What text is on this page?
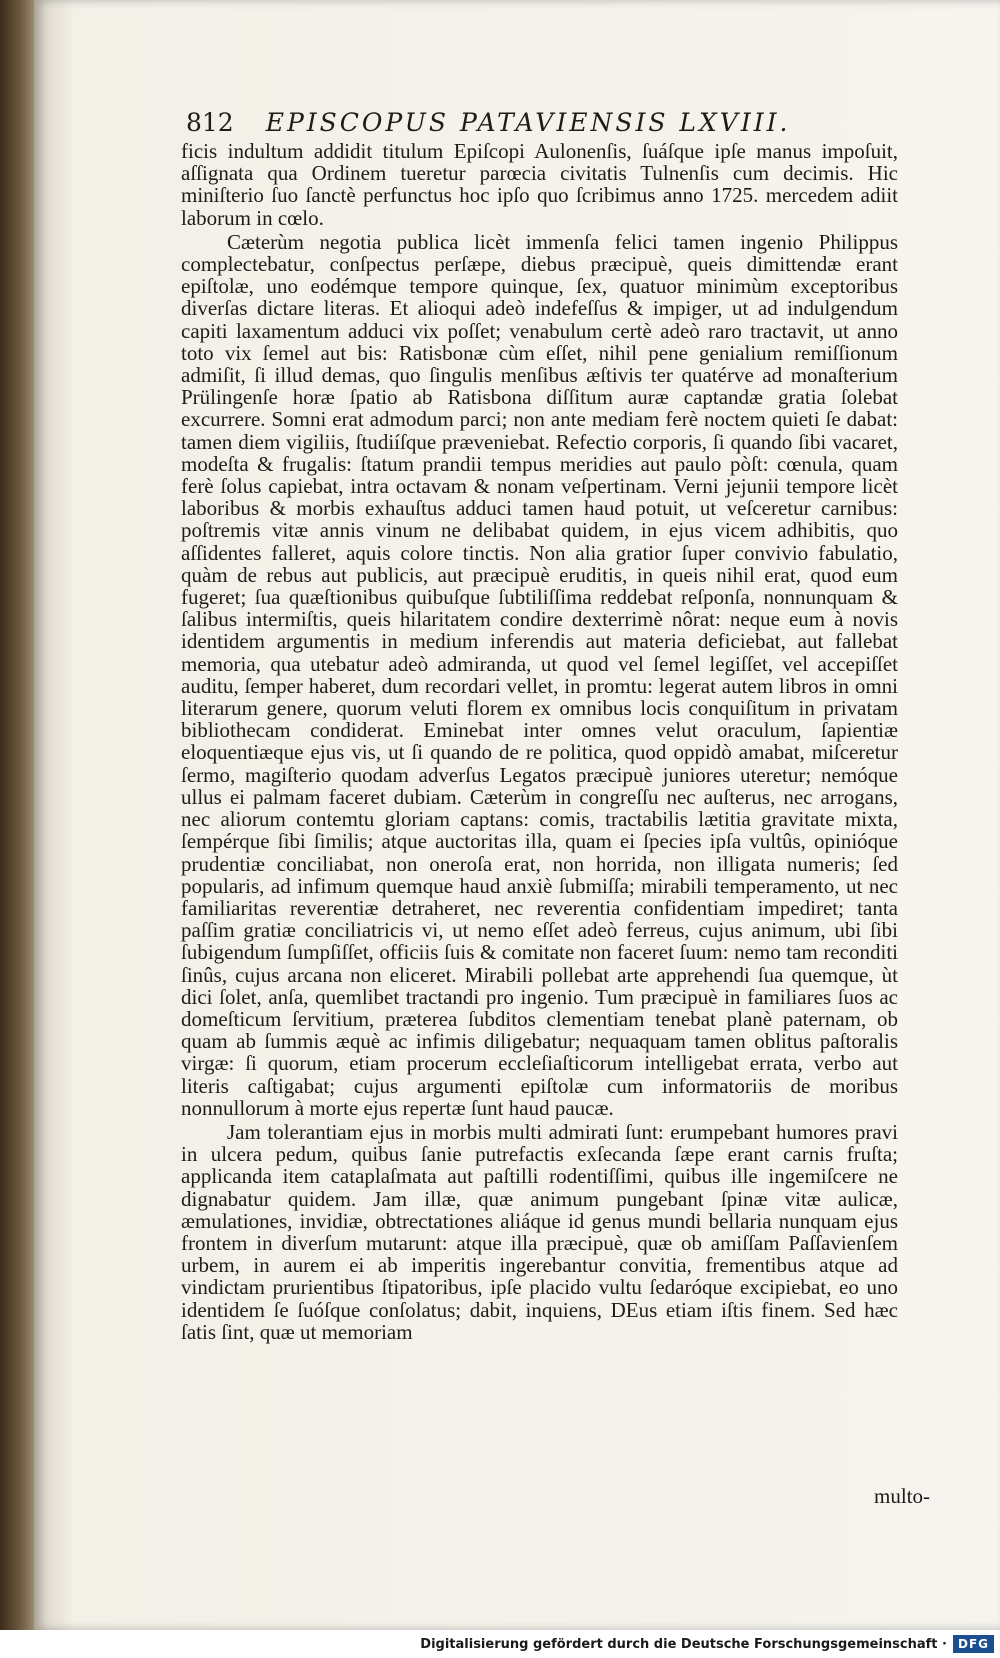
812 EPISCOPUS PATAVIENSIS LXVIII.

ficis indultum addidit titulum Epiſcopi Aulonenſis, ſuáſque ipſe manus impoſuit, aſſignata qua Ordinem tueretur parœcia civitatis Tulnenſis cum decimis. Hic miniſterio ſuo ſanctè perfunctus hoc ipſo quo ſcribimus anno 1725. mercedem adiit laborum in cœlo.

Cæterùm negotia publica licèt immenſa felici tamen ingenio Philippus complectebatur, conſpectus perſæpe, diebus præcipuè, queis dimittendæ erant epiſtolæ, uno eodémque tempore quinque, ſex, quatuor minimùm exceptoribus diverſas dictare literas. Et alioqui adeò indefeſſus & impiger, ut ad indulgendum capiti laxamentum adduci vix poſſet; venabulum certè adeò raro tractavit, ut anno toto vix ſemel aut bis: Ratisbonæ cùm eſſet, nihil pene genialium remiſſionum admiſit, ſi illud demas, quo ſingulis menſibus æſtivis ter quatérve ad monaſterium Prülingenſe horæ ſpatio ab Ratisbona diſſitum auræ captandæ gratia ſolebat excurrere. Somni erat admodum parci; non ante mediam ferè noctem quieti ſe dabat: tamen diem vigiliis, ſtudiíſque præveniebat. Refectio corporis, ſi quando ſibi vacaret, modeſta & frugalis: ſtatum prandii tempus meridies aut paulo pòſt: cœnula, quam ferè ſolus capiebat, intra octavam & nonam veſpertinam. Verni jejunii tempore licèt laboribus & morbis exhauſtus adduci tamen haud potuit, ut veſceretur carnibus: poſtremis vitæ annis vinum ne delibabat quidem, in ejus vicem adhibitis, quo aſſidentes falleret, aquis colore tinctis. Non alia gratior ſuper convivio fabulatio, quàm de rebus aut publicis, aut præcipuè eruditis, in queis nihil erat, quod eum fugeret; ſua quæſtionibus quibuſque ſubtiliſſima reddebat reſponſa, nonnunquam & ſalibus intermiſtis, queis hilaritatem condire dexterrimè nôrat: neque eum à novis identidem argumentis in medium inferendis aut materia deficiebat, aut fallebat memoria, qua utebatur adeò admiranda, ut quod vel ſemel legiſſet, vel accepiſſet auditu, ſemper haberet, dum recordari vellet, in promtu: legerat autem libros in omni literarum genere, quorum veluti florem ex omnibus locis conquiſitum in privatam bibliothecam condiderat. Eminebat inter omnes velut oraculum, ſapientiæ eloquentiæque ejus vis, ut ſi quando de re politica, quod oppidò amabat, miſceretur ſermo, magiſterio quodam adverſus Legatos præcipuè juniores uteretur; nemóque ullus ei palmam faceret dubiam. Cæterùm in congreſſu nec auſterus, nec arrogans, nec aliorum contemtu gloriam captans: comis, tractabilis lætitia gravitate mixta, ſempérque ſibi ſimilis; atque auctoritas illa, quam ei ſpecies ipſa vultûs, opinióque prudentiæ conciliabat, non oneroſa erat, non horrida, non illigata numeris; ſed popularis, ad infimum quemque haud anxiè ſubmiſſa; mirabili temperamento, ut nec familiaritas reverentiæ detraheret, nec reverentia confidentiam impediret; tanta paſſim gratiæ conciliatricis vi, ut nemo eſſet adeò ferreus, cujus animum, ubi ſibi ſubigendum ſumpſiſſet, officiis ſuis & comitate non faceret ſuum: nemo tam reconditi ſinûs, cujus arcana non eliceret. Mirabili pollebat arte apprehendi ſua quemque, ùt dici ſolet, anſa, quemlibet tractandi pro ingenio. Tum præcipuè in familiares ſuos ac domeſticum ſervitium, præterea ſubditos clementiam tenebat planè paternam, ob quam ab ſummis æquè ac infimis diligebatur; nequaquam tamen oblitus paſtoralis virgæ: ſi quorum, etiam procerum eccleſiaſticorum intelligebat errata, verbo aut literis caſtigabat; cujus argumenti epiſtolæ cum informatoriis de moribus nonnullorum à morte ejus repertæ ſunt haud paucæ.

Jam tolerantiam ejus in morbis multi admirati ſunt: erumpebant humores pravi in ulcera pedum, quibus ſanie putrefactis exſecanda ſæpe erant carnis fruſta; applicanda item cataplaſmata aut paſtilli rodentiſſimi, quibus ille ingemiſcere ne dignabatur quidem. Jam illæ, quæ animum pungebant ſpinæ vitæ aulicæ, æmulationes, invidiæ, obtrectationes aliáque id genus mundi bellaria nunquam ejus frontem in diverſum mutarunt: atque illa præcipuè, quæ ob amiſſam Paſſavienſem urbem, in aurem ei ab imperitis ingerebantur convitia, frementibus atque ad vindictam prurientibus ſtipatoribus, ipſe placido vultu ſedaróque excipiebat, eo uno identidem ſe ſuóſque conſolatus; dabit, inquiens, DEus etiam iſtis finem. Sed hæc ſatis ſint, quæ ut memoriam

multo-
Digitalisierung gefördert durch die Deutsche Forschungsgemeinschaft · DFG
